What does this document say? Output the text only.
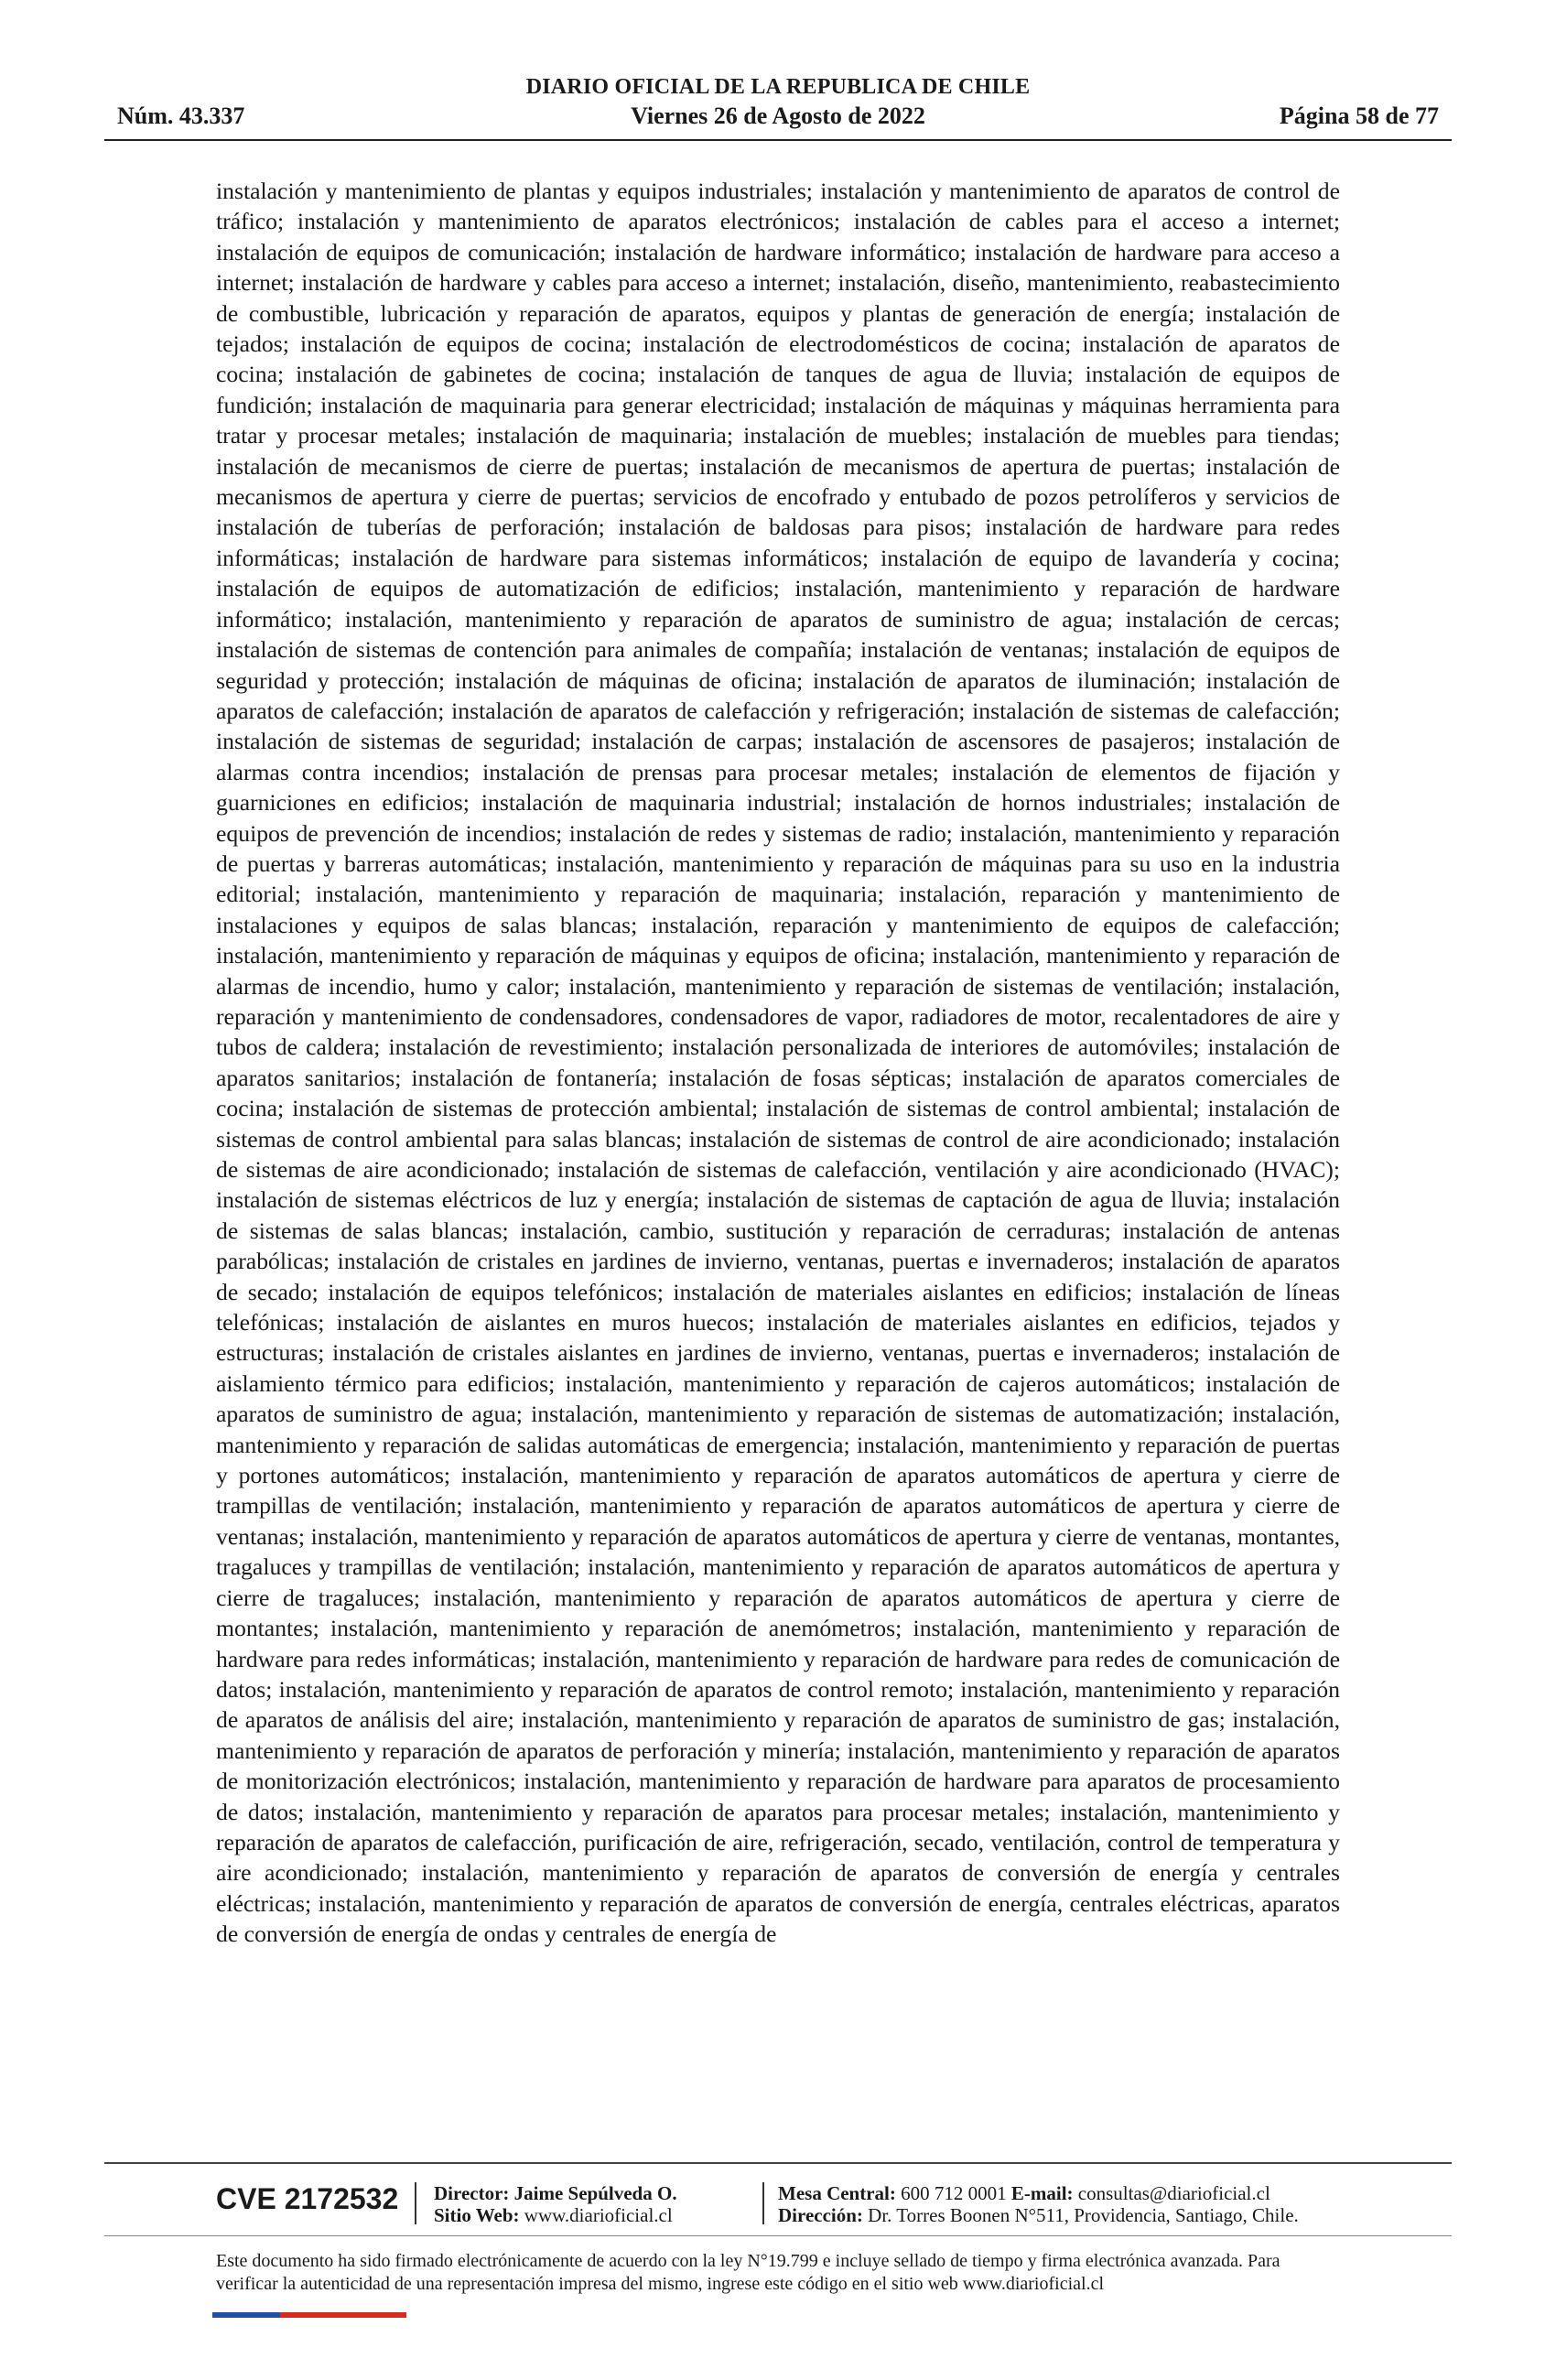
DIARIO OFICIAL DE LA REPUBLICA DE CHILE
Núm. 43.337	Viernes 26 de Agosto de 2022	Página 58 de 77

instalación y mantenimiento de plantas y equipos industriales; instalación y mantenimiento de aparatos de control de tráfico; instalación y mantenimiento de aparatos electrónicos; instalación de cables para el acceso a internet; instalación de equipos de comunicación; instalación de hardware informático; instalación de hardware para acceso a internet; instalación de hardware y cables para acceso a internet; instalación, diseño, mantenimiento, reabastecimiento de combustible, lubricación y reparación de aparatos, equipos y plantas de generación de energía; instalación de tejados; instalación de equipos de cocina; instalación de electrodomésticos de cocina; instalación de aparatos de cocina; instalación de gabinetes de cocina; instalación de tanques de agua de lluvia; instalación de equipos de fundición; instalación de maquinaria para generar electricidad; instalación de máquinas y máquinas herramienta para tratar y procesar metales; instalación de maquinaria; instalación de muebles; instalación de muebles para tiendas; instalación de mecanismos de cierre de puertas; instalación de mecanismos de apertura de puertas; instalación de mecanismos de apertura y cierre de puertas; servicios de encofrado y entubado de pozos petrolíferos y servicios de instalación de tuberías de perforación; instalación de baldosas para pisos; instalación de hardware para redes informáticas; instalación de hardware para sistemas informáticos; instalación de equipo de lavandería y cocina; instalación de equipos de automatización de edificios; instalación, mantenimiento y reparación de hardware informático; instalación, mantenimiento y reparación de aparatos de suministro de agua; instalación de cercas; instalación de sistemas de contención para animales de compañía; instalación de ventanas; instalación de equipos de seguridad y protección; instalación de máquinas de oficina; instalación de aparatos de iluminación; instalación de aparatos de calefacción; instalación de aparatos de calefacción y refrigeración; instalación de sistemas de calefacción; instalación de sistemas de seguridad; instalación de carpas; instalación de ascensores de pasajeros; instalación de alarmas contra incendios; instalación de prensas para procesar metales; instalación de elementos de fijación y guarniciones en edificios; instalación de maquinaria industrial; instalación de hornos industriales; instalación de equipos de prevención de incendios; instalación de redes y sistemas de radio; instalación, mantenimiento y reparación de puertas y barreras automáticas; instalación, mantenimiento y reparación de máquinas para su uso en la industria editorial; instalación, mantenimiento y reparación de maquinaria; instalación, reparación y mantenimiento de instalaciones y equipos de salas blancas; instalación, reparación y mantenimiento de equipos de calefacción; instalación, mantenimiento y reparación de máquinas y equipos de oficina; instalación, mantenimiento y reparación de alarmas de incendio, humo y calor; instalación, mantenimiento y reparación de sistemas de ventilación; instalación, reparación y mantenimiento de condensadores, condensadores de vapor, radiadores de motor, recalentadores de aire y tubos de caldera; instalación de revestimiento; instalación personalizada de interiores de automóviles; instalación de aparatos sanitarios; instalación de fontanería; instalación de fosas sépticas; instalación de aparatos comerciales de cocina; instalación de sistemas de protección ambiental; instalación de sistemas de control ambiental; instalación de sistemas de control ambiental para salas blancas; instalación de sistemas de control de aire acondicionado; instalación de sistemas de aire acondicionado; instalación de sistemas de calefacción, ventilación y aire acondicionado (HVAC); instalación de sistemas eléctricos de luz y energía; instalación de sistemas de captación de agua de lluvia; instalación de sistemas de salas blancas; instalación, cambio, sustitución y reparación de cerraduras; instalación de antenas parabólicas; instalación de cristales en jardines de invierno, ventanas, puertas e invernaderos; instalación de aparatos de secado; instalación de equipos telefónicos; instalación de materiales aislantes en edificios; instalación de líneas telefónicas; instalación de aislantes en muros huecos; instalación de materiales aislantes en edificios, tejados y estructuras; instalación de cristales aislantes en jardines de invierno, ventanas, puertas e invernaderos; instalación de aislamiento térmico para edificios; instalación, mantenimiento y reparación de cajeros automáticos; instalación de aparatos de suministro de agua; instalación, mantenimiento y reparación de sistemas de automatización; instalación, mantenimiento y reparación de salidas automáticas de emergencia; instalación, mantenimiento y reparación de puertas y portones automáticos; instalación, mantenimiento y reparación de aparatos automáticos de apertura y cierre de trampillas de ventilación; instalación, mantenimiento y reparación de aparatos automáticos de apertura y cierre de ventanas; instalación, mantenimiento y reparación de aparatos automáticos de apertura y cierre de ventanas, montantes, tragaluces y trampillas de ventilación; instalación, mantenimiento y reparación de aparatos automáticos de apertura y cierre de tragaluces; instalación, mantenimiento y reparación de aparatos automáticos de apertura y cierre de montantes; instalación, mantenimiento y reparación de anemómetros; instalación, mantenimiento y reparación de hardware para redes informáticas; instalación, mantenimiento y reparación de hardware para redes de comunicación de datos; instalación, mantenimiento y reparación de aparatos de control remoto; instalación, mantenimiento y reparación de aparatos de análisis del aire; instalación, mantenimiento y reparación de aparatos de suministro de gas; instalación, mantenimiento y reparación de aparatos de perforación y minería; instalación, mantenimiento y reparación de aparatos de monitorización electrónicos; instalación, mantenimiento y reparación de hardware para aparatos de procesamiento de datos; instalación, mantenimiento y reparación de aparatos para procesar metales; instalación, mantenimiento y reparación de aparatos de calefacción, purificación de aire, refrigeración, secado, ventilación, control de temperatura y aire acondicionado; instalación, mantenimiento y reparación de aparatos de conversión de energía y centrales eléctricas; instalación, mantenimiento y reparación de aparatos de conversión de energía, centrales eléctricas, aparatos de conversión de energía de ondas y centrales de energía de

CVE 2172532 Director: Jaime Sepúlveda O.
Sitio Web: www.diarioficial.cl
Mesa Central: 600 712 0001 E-mail: consultas@diarioficial.cl
Dirección: Dr. Torres Boonen N°511, Providencia, Santiago, Chile.
Este documento ha sido firmado electrónicamente de acuerdo con la ley N°19.799 e incluye sellado de tiempo y firma electrónica avanzada. Para verificar la autenticidad de una representación impresa del mismo, ingrese este código en el sitio web www.diarioficial.cl
